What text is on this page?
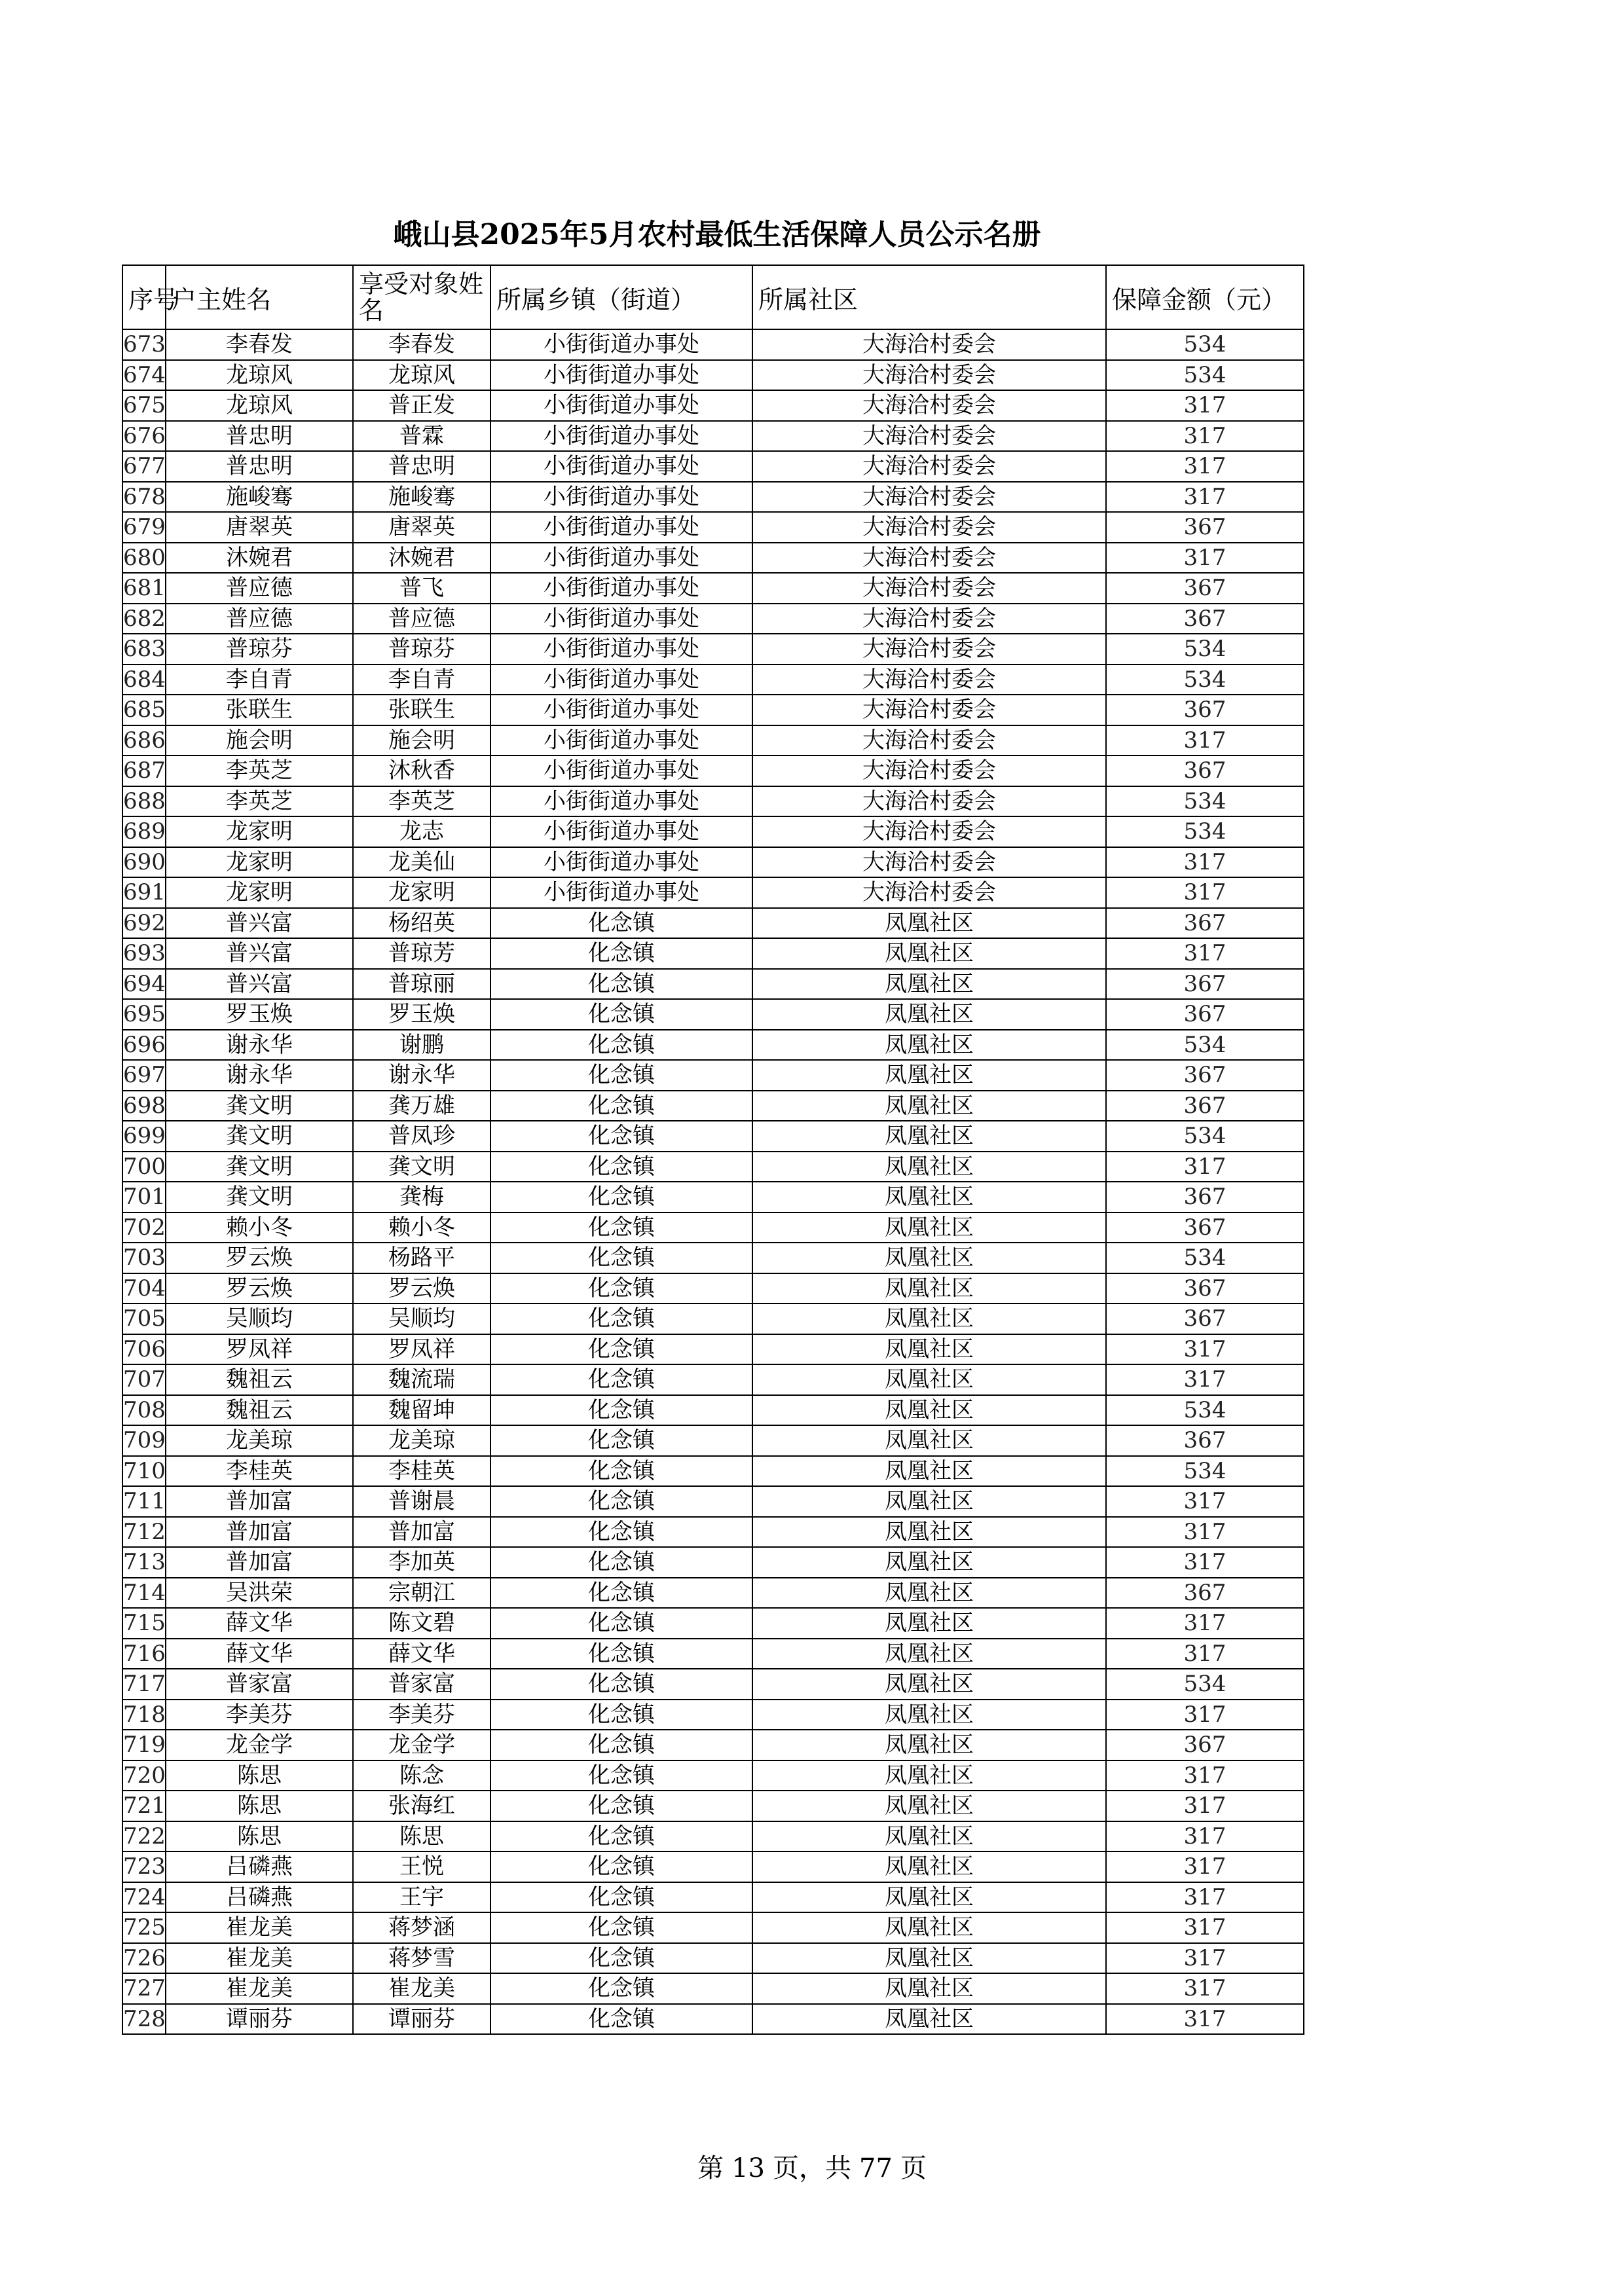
峨山县2025年5月农村最低生活保障人员公示名册
序号	户主姓名	享受对象姓名	所属乡镇（街道）	所属社区	保障金额（元）
673	李春发	李春发	小街街道办事处	大海洽村委会	534
674	龙琼风	龙琼风	小街街道办事处	大海洽村委会	534
675	龙琼风	普正发	小街街道办事处	大海洽村委会	317
676	普忠明	普霖	小街街道办事处	大海洽村委会	317
677	普忠明	普忠明	小街街道办事处	大海洽村委会	317
678	施峻骞	施峻骞	小街街道办事处	大海洽村委会	317
679	唐翠英	唐翠英	小街街道办事处	大海洽村委会	367
680	沐婉君	沐婉君	小街街道办事处	大海洽村委会	317
681	普应德	普飞	小街街道办事处	大海洽村委会	367
682	普应德	普应德	小街街道办事处	大海洽村委会	367
683	普琼芬	普琼芬	小街街道办事处	大海洽村委会	534
684	李自青	李自青	小街街道办事处	大海洽村委会	534
685	张联生	张联生	小街街道办事处	大海洽村委会	367
686	施会明	施会明	小街街道办事处	大海洽村委会	317
687	李英芝	沐秋香	小街街道办事处	大海洽村委会	367
688	李英芝	李英芝	小街街道办事处	大海洽村委会	534
689	龙家明	龙志	小街街道办事处	大海洽村委会	534
690	龙家明	龙美仙	小街街道办事处	大海洽村委会	317
691	龙家明	龙家明	小街街道办事处	大海洽村委会	317
692	普兴富	杨绍英	化念镇	凤凰社区	367
693	普兴富	普琼芳	化念镇	凤凰社区	317
694	普兴富	普琼丽	化念镇	凤凰社区	367
695	罗玉焕	罗玉焕	化念镇	凤凰社区	367
696	谢永华	谢鹏	化念镇	凤凰社区	534
697	谢永华	谢永华	化念镇	凤凰社区	367
698	龚文明	龚万雄	化念镇	凤凰社区	367
699	龚文明	普凤珍	化念镇	凤凰社区	534
700	龚文明	龚文明	化念镇	凤凰社区	317
701	龚文明	龚梅	化念镇	凤凰社区	367
702	赖小冬	赖小冬	化念镇	凤凰社区	367
703	罗云焕	杨路平	化念镇	凤凰社区	534
704	罗云焕	罗云焕	化念镇	凤凰社区	367
705	吴顺均	吴顺均	化念镇	凤凰社区	367
706	罗凤祥	罗凤祥	化念镇	凤凰社区	317
707	魏祖云	魏流瑞	化念镇	凤凰社区	317
708	魏祖云	魏留坤	化念镇	凤凰社区	534
709	龙美琼	龙美琼	化念镇	凤凰社区	367
710	李桂英	李桂英	化念镇	凤凰社区	534
711	普加富	普谢晨	化念镇	凤凰社区	317
712	普加富	普加富	化念镇	凤凰社区	317
713	普加富	李加英	化念镇	凤凰社区	317
714	吴洪荣	宗朝江	化念镇	凤凰社区	367
715	薛文华	陈文碧	化念镇	凤凰社区	317
716	薛文华	薛文华	化念镇	凤凰社区	317
717	普家富	普家富	化念镇	凤凰社区	534
718	李美芬	李美芬	化念镇	凤凰社区	317
719	龙金学	龙金学	化念镇	凤凰社区	367
720	陈思	陈念	化念镇	凤凰社区	317
721	陈思	张海红	化念镇	凤凰社区	317
722	陈思	陈思	化念镇	凤凰社区	317
723	吕磷燕	王悦	化念镇	凤凰社区	317
724	吕磷燕	王宇	化念镇	凤凰社区	317
725	崔龙美	蒋梦涵	化念镇	凤凰社区	317
726	崔龙美	蒋梦雪	化念镇	凤凰社区	317
727	崔龙美	崔龙美	化念镇	凤凰社区	317
728	谭丽芬	谭丽芬	化念镇	凤凰社区	317
第 13 页，共 77 页
